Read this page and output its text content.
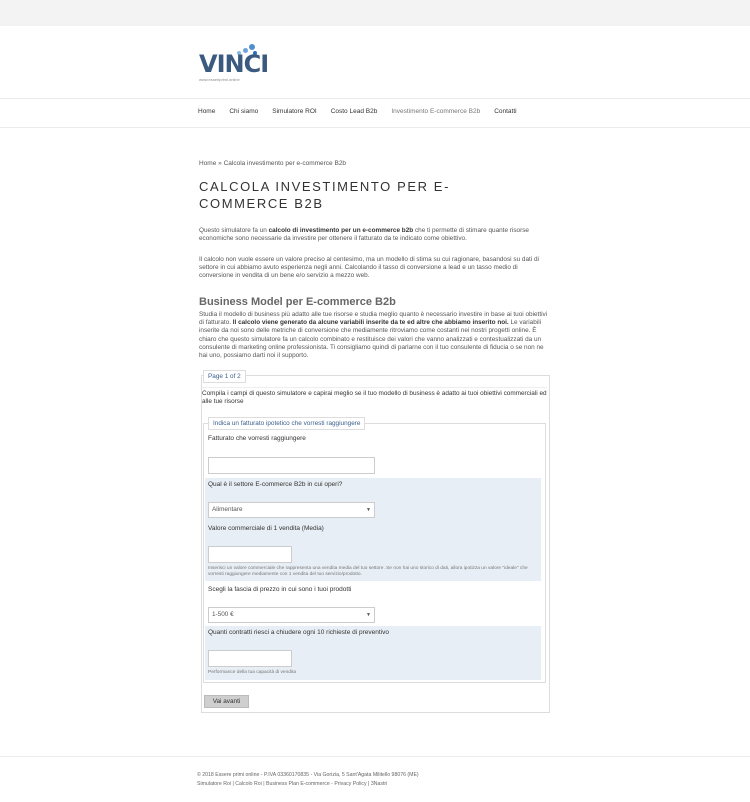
VINCI
www.esseriprimi.online
Home	Chi siamo	Simulatore ROI	Costo Lead B2b	Investimento E-commerce B2b	Contatti
Home » Calcola investimento per e-commerce B2b
CALCOLA INVESTIMENTO PER E-COMMERCE B2B

Questo simulatore fa un calcolo di investimento per un e-commerce b2b che ti permette di stimare quante risorse economiche sono necessarie da investire per ottenere il fatturato da te indicato come obiettivo.

Il calcolo non vuole essere un valore preciso al centesimo, ma un modello di stima su cui ragionare, basandosi su dati di settore in cui abbiamo avuto esperienza negli anni. Calcolando il tasso di conversione a lead e un tasso medio di conversione in vendita di un bene e/o servizio a mezzo web.

Business Model per E-commerce B2b

Studia il modello di business più adatto alle tue risorse e studia meglio quanto è necessario investire in base ai tuoi obiettivi di fatturato. Il calcolo viene generato da alcune variabili inserite da te ed altre che abbiamo inserito noi. Le variabili inserite da noi sono delle metriche di conversione che mediamente ritroviamo come costanti nei nostri progetti online. È chiaro che questo simulatore fa un calcolo combinato e restituisce dei valori che vanno analizzati e contestualizzati da un consulente di marketing online professionista. Ti consigliamo quindi di parlarne con il tuo consulente di fiducia o se non ne hai uno, possiamo darti noi il supporto.

Page 1 of 2
Compila i campi di questo simulatore e capirai meglio se il tuo modello di business è adatto ai tuoi obiettivi commerciali ed alle tue risorse
Indica un fatturato ipotetico che vorresti raggiungere
Fatturato che vorresti raggiungere
Qual è il settore E-commerce B2b in cui operi?
Alimentare	▼
Valore commerciale di 1 vendita (Media)
Inserisci un valore commerciale che rappresenta una vendita media del tuo settore. Se non hai uno storico di dati, allora ipotizza un valore "ideale" che vorresti raggiungere mediamente con 1 vendita del tuo servizio/prodotto.
Scegli la fascia di prezzo in cui sono i tuoi prodotti
1-500 €	▼
Quanti contratti riesci a chiudere ogni 10 richieste di preventivo
Performance della tua capacità di vendita
Vai avanti
© 2018 Essere primi online - P.IVA 03360170835 - Via Gorizia, 5 Sant'Agata Militello 98076 (ME)
Simulatore Roi | Calcolo Roi | Business Plan E-commerce - Privacy Policy | 3Nastri
